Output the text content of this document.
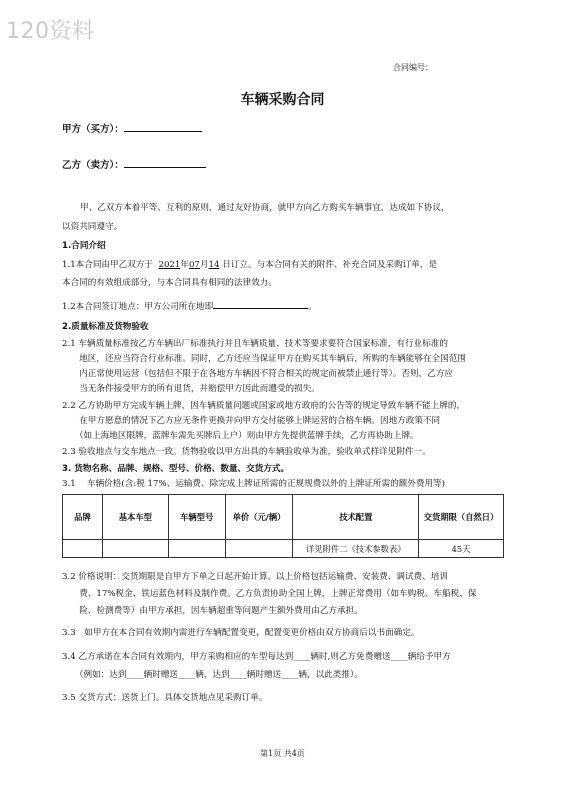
120资料
合同编号：
车辆采购合同
甲方（买方）：
乙方（卖方）：
甲、乙双方本着平等、互利的原则，通过友好协商，就甲方向乙方购买车辆事宜，达成如下协议，
以资共同遵守。
1.合同介绍
1.1本合同由甲乙双方于 2021年07月14 日订立。与本合同有关的附件、补充合同及采购订单，是
本合同的有效组成部分，与本合同具有相同的法律效力。
1.2本合同签订地点：甲方公司所在地即	。
2.质量标准及货物验收
2.1 车辆质量标准按乙方车辆出厂标准执行并且车辆质量、技术等要求要符合国家标准，有行业标准的
　　地区，还应当符合行业标准。同时，乙方还应当保证甲方在购买其车辆后，所购的车辆能够在全国范围
　　内正常使用运营（包括但不限于在各地方车辆因不符合相关的规定而被禁止通行等）。否则，乙方应
　　当无条件接受甲方的所有退货，并赔偿甲方因此而遭受的损失。
2.2 乙方协助甲方完成车辆上牌，因车辆质量问题或国家或地方政府的公告等的规定导致车辆不能上牌的，
　　在甲方愿意的情况下乙方应无条件更换并向甲方交付能够上牌运营的合格车辆。因地方政策不同
　　（如上海地区限牌，蓝牌车需先买牌后上户）则由甲方先提供蓝牌手续，乙方再协助上牌。
2.3 验收地点与交车地点一致。货物验收以甲方出具的车辆验收单为准，验收单式样详见附件一。
3. 货物名称、品牌、规格、型号、价格、数量、交货方式。
3.1　 车辆价格(含:税 17%、运输费、除完成上牌证所需的正规规费以外的上牌证所需的额外费用等)
品牌	基本车型	车辆型号	单价（元/辆）	技术配置	交货期限（自然日）
				详见附件二《技术参数表》	45天
3.2 价格说明：交货期限是自甲方下单之日起开始计算。以上价格包括运输费、安装费、调试费、培训
　　费、17%税金、铁运蓝色材料及制作费。乙方负责协助全国上牌，上牌正常费用（如车购税、车船税、保
　　险、检测费等）由甲方承担，因车辆超重等问题产生额外费用由乙方承担。
3.3　如甲方在本合同有效期内需进行车辆配置变更，配置变更价格由双方协商后以书面确定。
3.4 乙方承诺在本合同有效期内，甲方采购相应的车型每达到____辆时,则乙方免费赠送____辆给予甲方
　　（例如：达到____辆时赠送____辆，达到____辆时赠送____辆，以此类推）。
3.5 交货方式：送货上门。具体交货地点见采购订单。
第1页 共4页
